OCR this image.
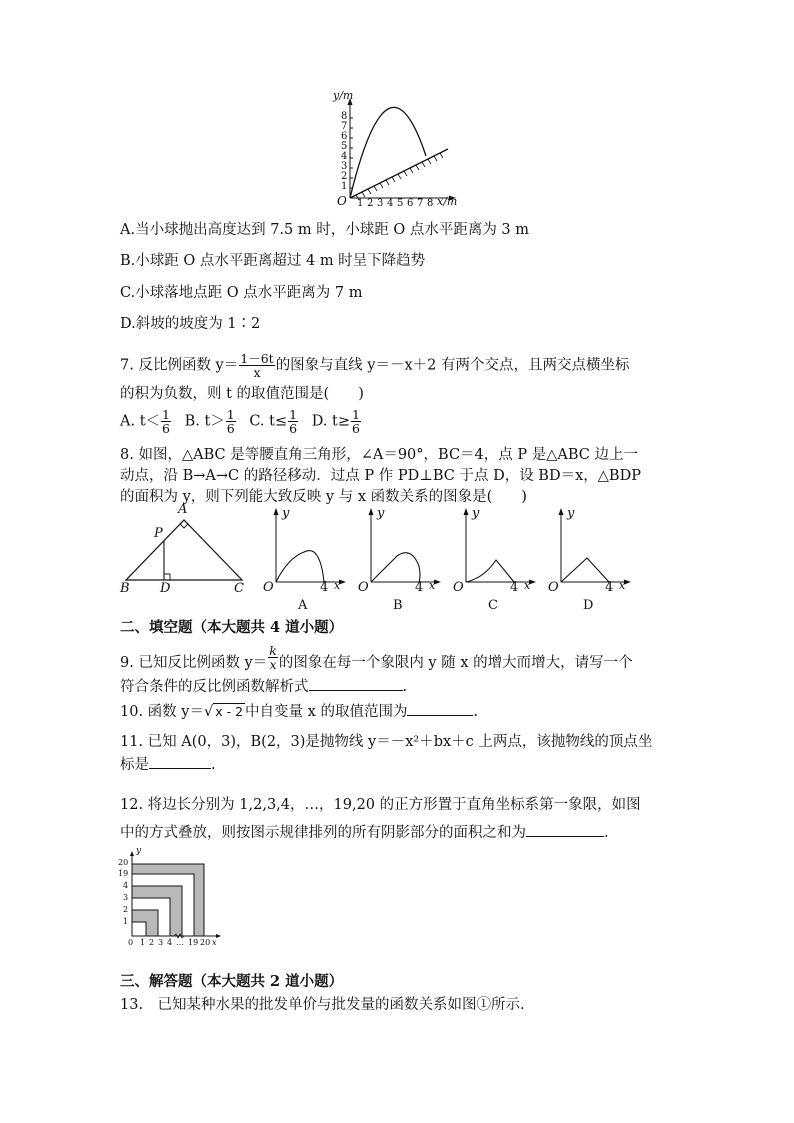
y/m
O	x/m
8
7
6
5
4
3
2
1
1 2 3 4 5 6 7 8
A.当小球抛出高度达到 7.5 m 时，小球距 O 点水平距离为 3 m
B.小球距 O 点水平距离超过 4 m 时呈下降趋势
C.小球落地点距 O 点水平距离为 7 m
D.斜坡的坡度为 1∶2
7. 反比例函数 $y= \frac{1-6t}{x}$ 的图象与直线 y＝－x＋2 有两个交点，且两交点横坐标
的积为负数，则 t 的取值范围是(　　)
A. $t< \frac{1}{6} B$. $t> \frac{1}{6} C$. $t\le \frac{1}{6} D$. $t\ge \frac{1}{6}$
8. 如图，△ABC 是等腰直角三角形，∠A＝90°，BC＝4，点 P 是△ABC 边上一
动点，沿 B→A→C 的路径移动．过点 P 作 PD⊥BC 于点 D，设 BD＝x，△BDP
的面积为 y，则下列能大致反映 y 与 x 函数关系的图象是(　　)
A
P
B D	C
y
O	4 x
A
y
O	4 x
B
y
O	4 x
C
y
O	4 x
D
二、填空题（本大题共 4 道小题）
9. 已知反比例函数 $y= \frac{k}{x}$ 的图象在每一个象限内 y 随 x 的增大而增大，请写一个
符合条件的反比例函数解析式	.
10. 函数 y＝√ x - 2 中自变量 x 的取值范围为	.
11. 已知 A(0，3)，B(2，3)是抛物线 y＝－x²＋bx＋c 上两点，该抛物线的顶点坐
标是	.
12. 将边长分别为 1,2,3,4，…，19,20 的正方形置于直角坐标系第一象限，如图
中的方式叠放，则按图示规律排列的所有阴影部分的面积之和为	.
y
20
19
4
3
2
1
0 1 2 3 4 … 19 20 x
三、解答题（本大题共 2 道小题）
13.　已知某种水果的批发单价与批发量的函数关系如图①所示.
